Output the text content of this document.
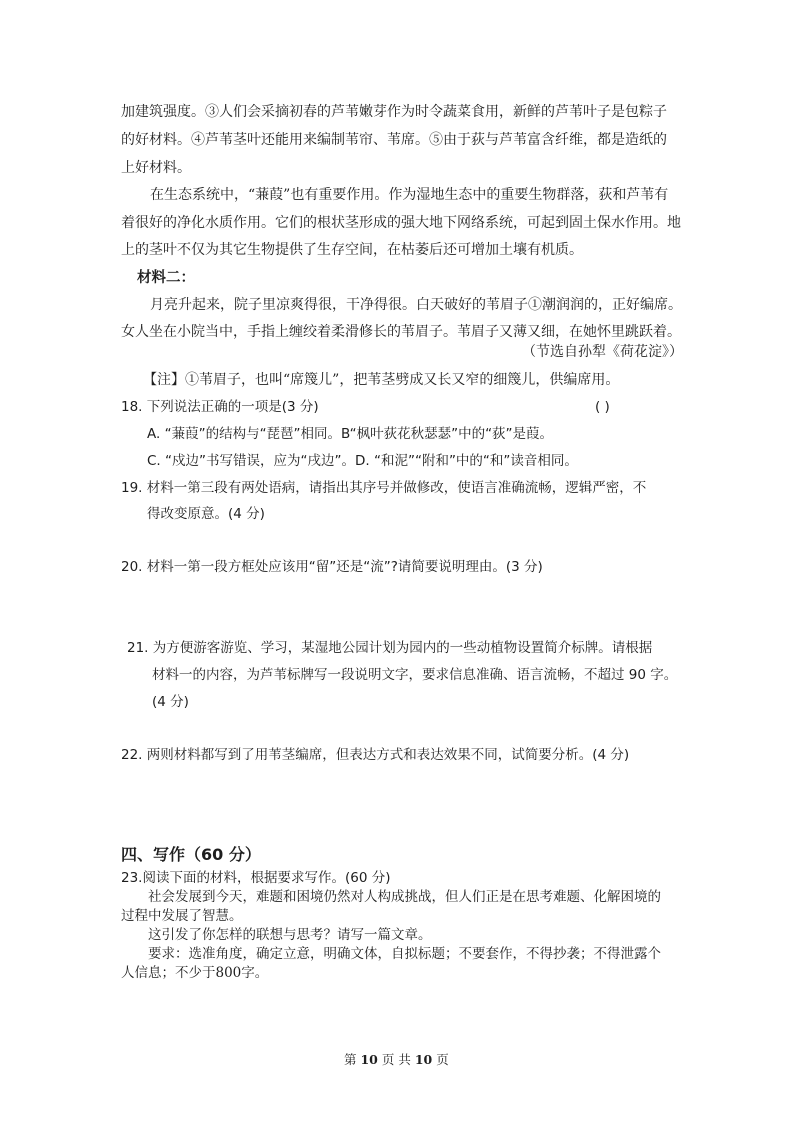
加建筑强度。③人们会采摘初春的芦苇嫩芽作为时令蔬菜食用，新鲜的芦苇叶子是包粽子
的好材料。④芦苇茎叶还能用来编制苇帘、苇席。⑤由于荻与芦苇富含纤维，都是造纸的
上好材料。
在生态系统中，“蒹葭”也有重要作用。作为湿地生态中的重要生物群落，荻和芦苇有
着很好的净化水质作用。它们的根状茎形成的强大地下网络系统，可起到固土保水作用。地
上的茎叶不仅为其它生物提供了生存空间，在枯萎后还可增加土壤有机质。
材料二：
月亮升起来，院子里凉爽得很，干净得很。白天破好的苇眉子①潮润润的，正好编席。
女人坐在小院当中，手指上缠绞着柔滑修长的苇眉子。苇眉子又薄又细，在她怀里跳跃着。
（节选自孙犁《荷花淀》）
【注】①苇眉子，也叫“席篾儿”，把苇茎劈成又长又窄的细篾儿，供编席用。
18. 下列说法正确的一项是(3 分)	( )
A. “蒹葭”的结构与“琵琶”相同。B“枫叶荻花秋瑟瑟”中的“荻”是葭。
C. “戍边”书写错误，应为“戌边”。D. “和泥”“附和”中的“和”读音相同。
19. 材料一第三段有两处语病，请指出其序号并做修改，使语言准确流畅，逻辑严密，不
得改变原意。(4 分)
20. 材料一第一段方框处应该用“留”还是“流”?请简要说明理由。(3 分)
21. 为方便游客游览、学习，某湿地公园计划为园内的一些动植物设置简介标牌。请根据
材料一的内容，为芦苇标牌写一段说明文字，要求信息准确、语言流畅，不超过 90 字。
(4 分)
22. 两则材料都写到了用苇茎编席，但表达方式和表达效果不同，试简要分析。(4 分)
四、写作（60 分）
23.阅读下面的材料，根据要求写作。(60 分)
社会发展到今天，难题和困境仍然对人构成挑战，但人们正是在思考难题、化解困境的
过程中发展了智慧。
这引发了你怎样的联想与思考？请写一篇文章。
要求：选准角度，确定立意，明确文体，自拟标题；不要套作，不得抄袭；不得泄露个
人信息；不少于800字。
第 10 页 共 10 页
